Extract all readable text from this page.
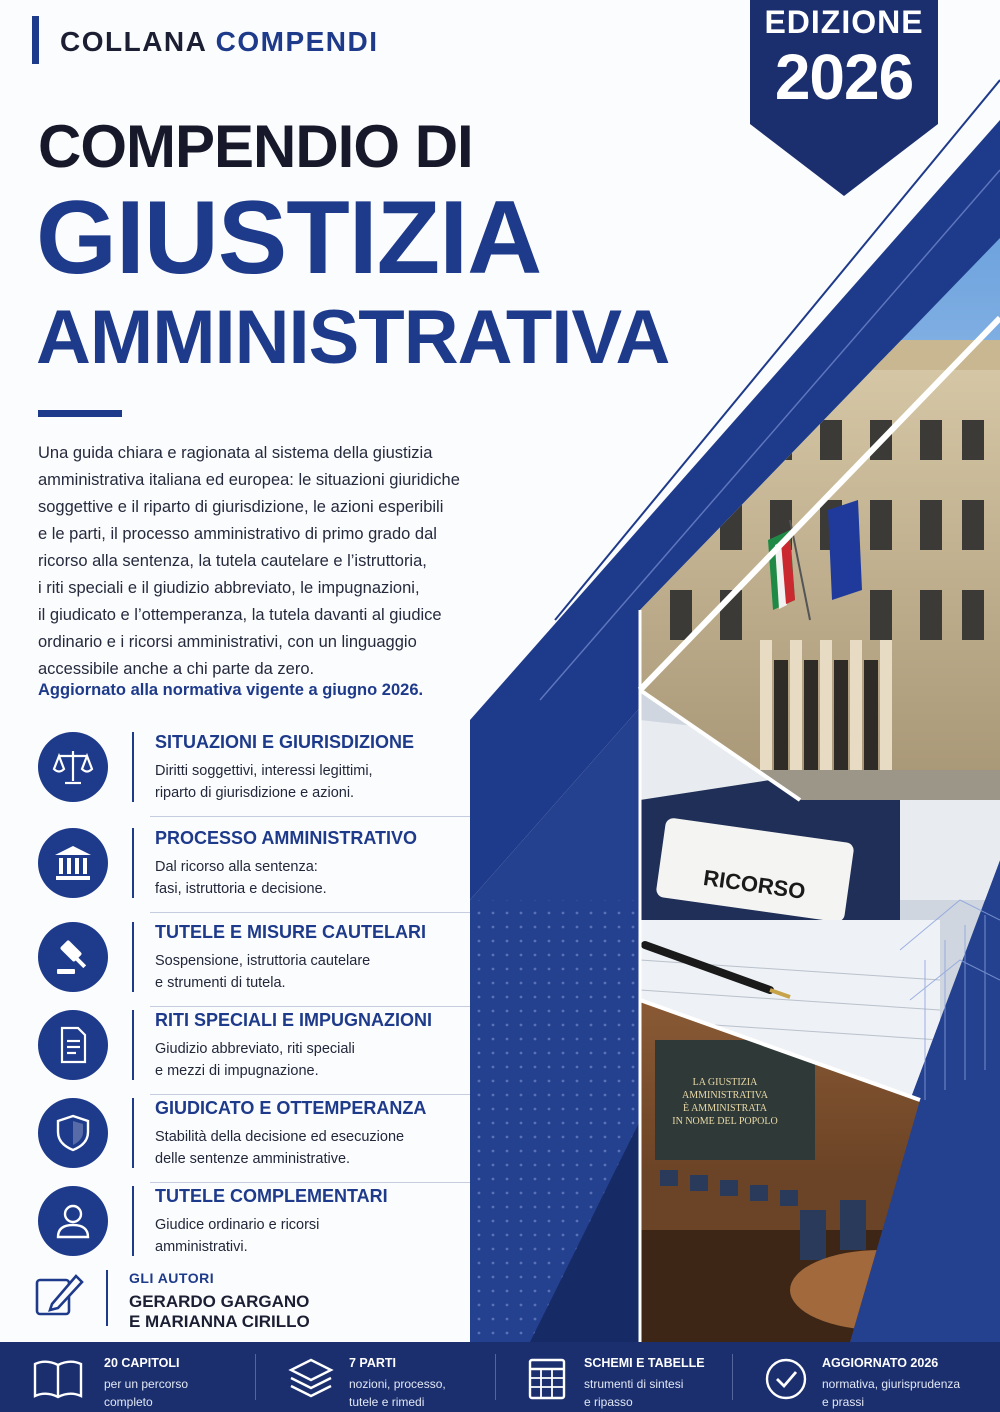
RICORSO
LA GIUSTIZIA
AMMINISTRATIVA
È AMMINISTRATA
IN NOME DEL POPOLO
EDIZIONE
2026
COLLANA COMPENDI
COMPENDIO DI
GIUSTIZIA
AMMINISTRATIVA
Una guida chiara e ragionata al sistema della giustizia
amministrativa italiana ed europea: le situazioni giuridiche
soggettive e il riparto di giurisdizione, le azioni esperibili
e le parti, il processo amministrativo di primo grado dal
ricorso alla sentenza, la tutela cautelare e l’istruttoria,
i riti speciali e il giudizio abbreviato, le impugnazioni,
il giudicato e l’ottemperanza, la tutela davanti al giudice
ordinario e i ricorsi amministrativi, con un linguaggio
accessibile anche a chi parte da zero.
Aggiornato alla normativa vigente a giugno 2026.
SITUAZIONI E GIURISDIZIONE
Diritti soggettivi, interessi legittimi,
riparto di giurisdizione e azioni.
PROCESSO AMMINISTRATIVO
Dal ricorso alla sentenza:
fasi, istruttoria e decisione.
TUTELE E MISURE CAUTELARI
Sospensione, istruttoria cautelare
e strumenti di tutela.
RITI SPECIALI E IMPUGNAZIONI
Giudizio abbreviato, riti speciali
e mezzi di impugnazione.
GIUDICATO E OTTEMPERANZA
Stabilità della decisione ed esecuzione
delle sentenze amministrative.
TUTELE COMPLEMENTARI
Giudice ordinario e ricorsi
amministrativi.
GLI AUTORI
GERARDO GARGANO
E MARIANNA CIRILLO
20 CAPITOLI
per un percorso
completo
7 PARTI
nozioni, processo,
tutele e rimedi
SCHEMI E TABELLE
strumenti di sintesi
e ripasso
AGGIORNATO 2026
normativa, giurisprudenza
e prassi
